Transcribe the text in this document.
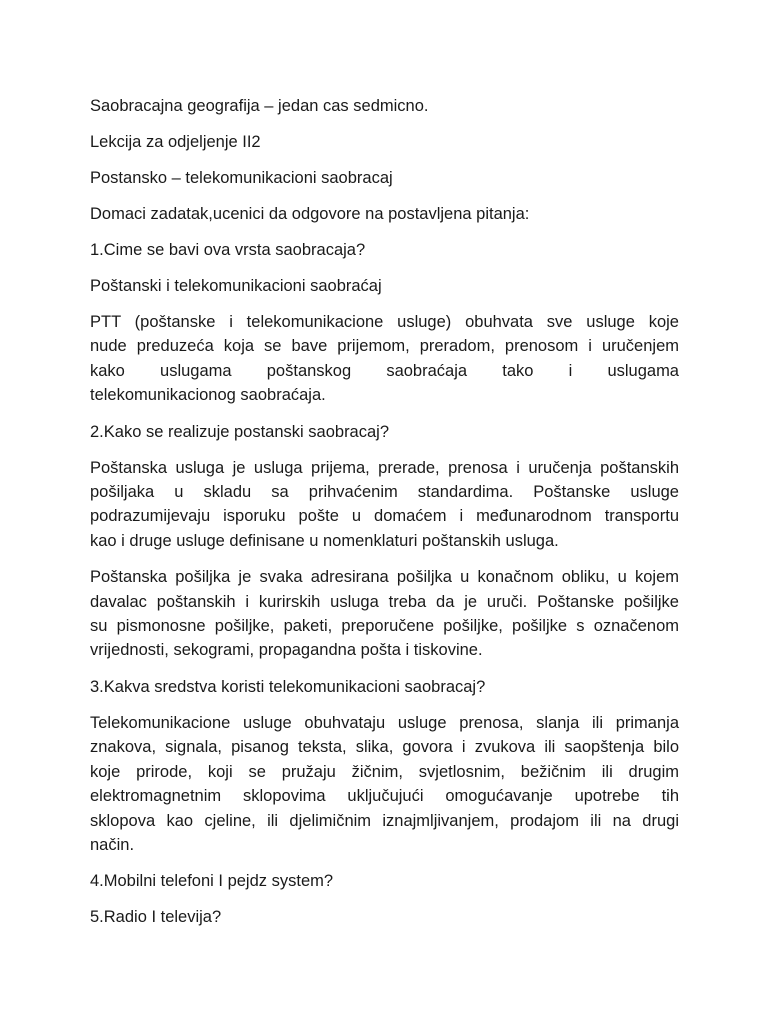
Saobracajna geografija – jedan cas sedmicno.

Lekcija za odjeljenje II2

Postansko – telekomunikacioni saobracaj

Domaci zadatak,ucenici da odgovore na postavljena pitanja:

1.Cime se bavi ova vrsta saobracaja?

Poštanski i telekomunikacioni saobraćaj

PTT (poštanske i telekomunikacione usluge) obuhvata sve usluge koje
nude preduzeća koja se bave prijemom, preradom, prenosom i uručenjem
kako uslugama poštanskog saobraćaja tako i uslugama
telekomunikacionog saobraćaja.

2.Kako se realizuje postanski saobracaj?

Poštanska usluga je usluga prijema, prerade, prenosa i uručenja poštanskih
pošiljaka u skladu sa prihvaćenim standardima. Poštanske usluge
podrazumijevaju isporuku pošte u domaćem i međunarodnom transportu
kao i druge usluge definisane u nomenklaturi poštanskih usluga.
Poštanska pošiljka je svaka adresirana pošiljka u konačnom obliku, u kojem
davalac poštanskih i kurirskih usluga treba da je uruči. Poštanske pošiljke
su pismonosne pošiljke, paketi, preporučene pošiljke, pošiljke s označenom
vrijednosti, sekogrami, propagandna pošta i tiskovine.

3.Kakva sredstva koristi telekomunikacioni saobracaj?

Telekomunikacione usluge obuhvataju usluge prenosa, slanja ili primanja
znakova, signala, pisanog teksta, slika, govora i zvukova ili saopštenja bilo
koje prirode, koji se pružaju žičnim, svjetlosnim, bežičnim ili drugim
elektromagnetnim sklopovima uključujući omogućavanje upotrebe tih
sklopova kao cjeline, ili djelimičnim iznajmljivanjem, prodajom ili na drugi
način.

4.Mobilni telefoni I pejdz system?

5.Radio I televija?
